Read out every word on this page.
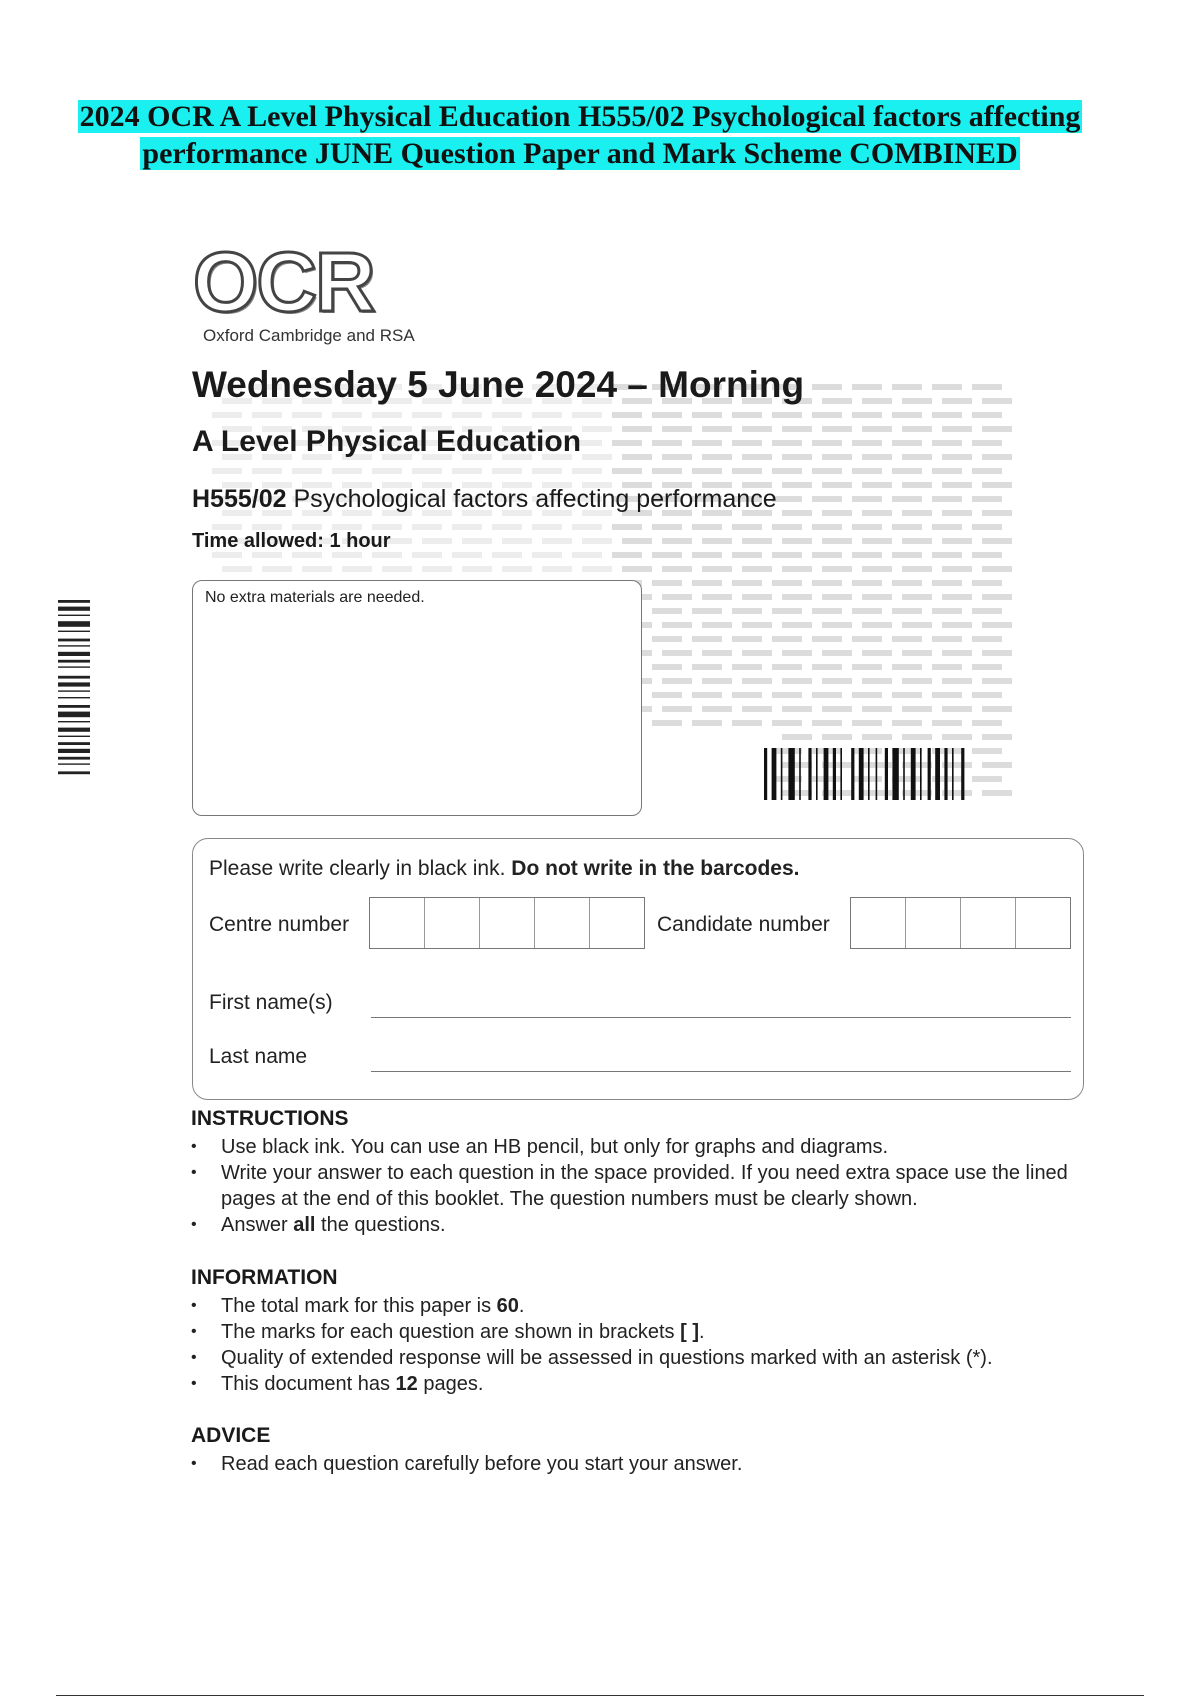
2024 OCR A Level Physical Education H555/02 Psychological factors affecting performance JUNE Question Paper and Mark Scheme COMBINED
OCR
Oxford Cambridge and RSA
Wednesday 5 June 2024 – Morning
A Level Physical Education
H555/02 Psychological factors affecting performance
Time allowed: 1 hour
No extra materials are needed.
Please write clearly in black ink. Do not write in the barcodes.
Centre number	Candidate number
First name(s)
Last name
INSTRUCTIONS
• Use black ink. You can use an HB pencil, but only for graphs and diagrams.
• Write your answer to each question in the space provided. If you need extra space use the lined pages at the end of this booklet. The question numbers must be clearly shown.
• Answer all the questions.
INFORMATION
• The total mark for this paper is 60.
• The marks for each question are shown in brackets [ ].
• Quality of extended response will be assessed in questions marked with an asterisk (*).
• This document has 12 pages.
ADVICE
• Read each question carefully before you start your answer.
